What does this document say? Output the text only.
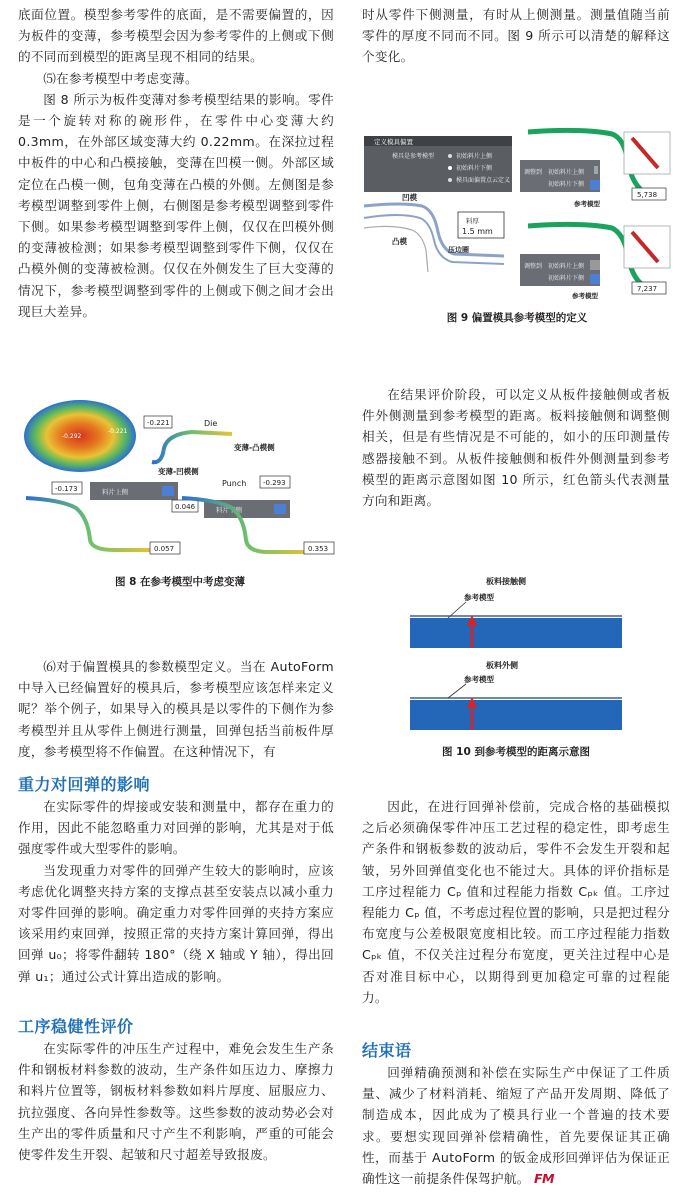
底面位置。模型参考零件的底面，是不需要偏置的，因为板件的变薄，参考模型会因为参考零件的上侧或下侧的不同而到模型的距离呈现不相同的结果。

⑸在参考模型中考虑变薄。

图 8 所示为板件变薄对参考模型结果的影响。零件是一个旋转对称的碗形件，在零件中心变薄大约 0.3mm，在外部区域变薄大约 0.22mm。在深拉过程中板件的中心和凸模接触，变薄在凹模一侧。外部区域定位在凸模一侧，包角变薄在凸模的外侧。左侧图是参考模型调整到零件上侧，右侧图是参考模型调整到零件下侧。如果参考模型调整到零件上侧，仅仅在凹模外侧的变薄被检测；如果参考模型调整到零件下侧，仅仅在凸模外侧的变薄被检测。仅仅在外侧发生了巨大变薄的情况下，参考模型调整到零件的上侧或下侧之间才会出现巨大差异。

时从零件下侧测量，有时从上侧测量。测量值随当前零件的厚度不同而不同。图 9 所示可以清楚的解释这个变化。

定义模具偏置
模具是参考模型	初始料片上侧
初始料片下侧
模具面偏置点云定义
凹模
凸模
料厚
1.5 mm
压边圈
调整到 初始料片上侧
初始料片下侧
参考模型
5,738
调整到 初始料片上侧
初始料片下侧
参考模型
7,237

图 9 偏置模具参考模型的定义

-0.292
-0.221
-0.221	Die
变薄-凸模侧
变薄-凹模侧
Punch -0.293
-0.173	料片上侧
0.046	料片下侧
0.057	0.353

图 8 在参考模型中考虑变薄

在结果评价阶段，可以定义从板件接触侧或者板件外侧测量到参考模型的距离。板料接触侧和调整侧相关，但是有些情况是不可能的，如小的压印测量传感器接触不到。从板件接触侧和板件外侧测量到参考模型的距离示意图如图 10 所示，红色箭头代表测量方向和距离。

板料接触侧
参考模型
板料外侧
参考模型

图 10 到参考模型的距离示意图

⑹对于偏置模具的参数模型定义。当在 AutoForm 中导入已经偏置好的模具后，参考模型应该怎样来定义呢？举个例子，如果导入的模具是以零件的下侧作为参考模型并且从零件上侧进行测量，回弹包括当前板件厚度，参考模型将不作偏置。在这种情况下，有

重力对回弹的影响

在实际零件的焊接或安装和测量中，都存在重力的作用，因此不能忽略重力对回弹的影响，尤其是对于低强度零件或大型零件的影响。

当发现重力对零件的回弹产生较大的影响时，应该考虑优化调整夹持方案的支撑点甚至安装点以减小重力对零件回弹的影响。确定重力对零件回弹的夹持方案应该采用约束回弹，按照正常的夹持方案计算回弹，得出回弹 u₀；将零件翻转 180°（绕 X 轴或 Y 轴），得出回弹 u₁；通过公式计算出造成的影响。

工序稳健性评价

在实际零件的冲压生产过程中，难免会发生生产条件和钢板材料参数的波动，生产条件如压边力、摩擦力和料片位置等，钢板材料参数如料片厚度、屈服应力、抗拉强度、各向异性参数等。这些参数的波动势必会对生产出的零件质量和尺寸产生不利影响，严重的可能会使零件发生开裂、起皱和尺寸超差导致报废。

因此，在进行回弹补偿前，完成合格的基础模拟之后必须确保零件冲压工艺过程的稳定性，即考虑生产条件和钢板参数的波动后，零件不会发生开裂和起皱，另外回弹值变化也不能过大。具体的评价指标是工序过程能力 Cₚ 值和过程能力指数 Cₚₖ 值。工序过程能力 Cₚ 值，不考虑过程位置的影响，只是把过程分布宽度与公差极限宽度相比较。而工序过程能力指数 Cₚₖ 值，不仅关注过程分布宽度，更关注过程中心是否对准目标中心，以期得到更加稳定可靠的过程能力。

结束语

回弹精确预测和补偿在实际生产中保证了工件质量、减少了材料消耗、缩短了产品开发周期、降低了制造成本，因此成为了模具行业一个普遍的技术要求。要想实现回弹补偿精确性，首先要保证其正确性，而基于 AutoForm 的钣金成形回弹评估为保证正确性这一前提条件保驾护航。 FM
